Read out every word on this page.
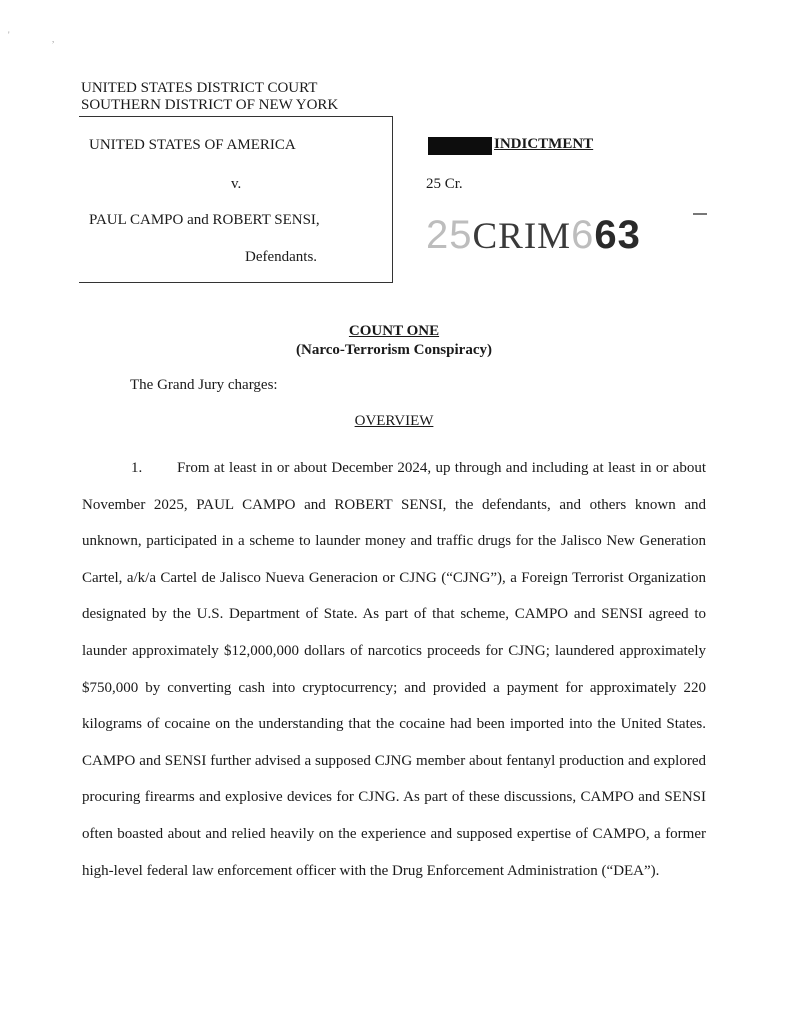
'	,
UNITED STATES DISTRICT COURT
SOUTHERN DISTRICT OF NEW YORK
UNITED STATES OF AMERICA
v.
PAUL CAMPO and ROBERT SENSI,
Defendants.
INDICTMENT
25 Cr.
25CRIM663
COUNT ONE
(Narco-Terrorism Conspiracy)
The Grand Jury charges:
OVERVIEW
1. From at least in or about December 2024, up through and including at least in or about November 2025, PAUL CAMPO and ROBERT SENSI, the defendants, and others known and unknown, participated in a scheme to launder money and traffic drugs for the Jalisco New Generation Cartel, a/k/a Cartel de Jalisco Nueva Generacion or CJNG (“CJNG”), a Foreign Terrorist Organization designated by the U.S. Department of State. As part of that scheme, CAMPO and SENSI agreed to launder approximately $12,000,000 dollars of narcotics proceeds for CJNG; laundered approximately $750,000 by converting cash into cryptocurrency; and provided a payment for approximately 220 kilograms of cocaine on the understanding that the cocaine had been imported into the United States. CAMPO and SENSI further advised a supposed CJNG member about fentanyl production and explored procuring firearms and explosive devices for CJNG. As part of these discussions, CAMPO and SENSI often boasted about and relied heavily on the experience and supposed expertise of CAMPO, a former high-level federal law enforcement officer with the Drug Enforcement Administration (“DEA”).
